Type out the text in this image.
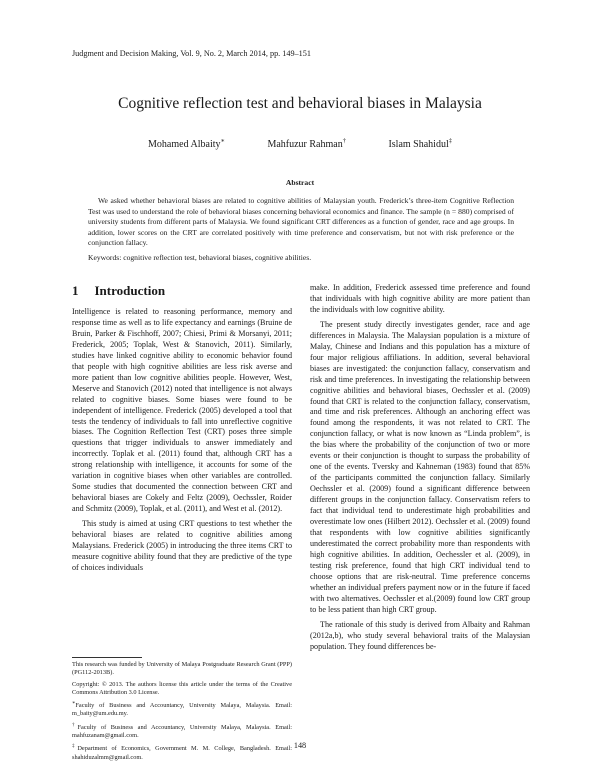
Judgment and Decision Making, Vol. 9, No. 2, March 2014, pp. 149–151
Cognitive reflection test and behavioral biases in Malaysia
Mohamed Albaity∗	Mahfuzur Rahman†	Islam Shahidul‡
Abstract
We asked whether behavioral biases are related to cognitive abilities of Malaysian youth. Frederick’s three-item Cognitive Reflection Test was used to understand the role of behavioral biases concerning behavioral economics and finance. The sample (n = 880) comprised of university students from different parts of Malaysia. We found significant CRT differences as a function of gender, race and age groups. In addition, lower scores on the CRT are correlated positively with time preference and conservatism, but not with risk preference or the conjunction fallacy.
Keywords: cognitive reflection test, behavioral biases, cognitive abilities.
1 Introduction

Intelligence is related to reasoning performance, memory and response time as well as to life expectancy and earnings (Bruine de Bruin, Parker & Fischhoff, 2007; Chiesi, Primi & Morsanyi, 2011; Frederick, 2005; Toplak, West & Stanovich, 2011). Similarly, studies have linked cognitive ability to economic behavior found that people with high cognitive abilities are less risk averse and more patient than low cognitive abilities people. However, West, Meserve and Stanovich (2012) noted that intelligence is not always related to cognitive biases. Some biases were found to be independent of intelligence. Frederick (2005) developed a tool that tests the tendency of individuals to fall into unreflective cognitive biases. The Cognition Reflection Test (CRT) poses three simple questions that trigger individuals to answer immediately and incorrectly. Toplak et al. (2011) found that, although CRT has a strong relationship with intelligence, it accounts for some of the variation in cognitive biases when other variables are controlled. Some studies that documented the connection between CRT and behavioral biases are Cokely and Feltz (2009), Oechssler, Roider and Schmitz (2009), Toplak, et al. (2011), and West et al. (2012).

This study is aimed at using CRT questions to test whether the behavioral biases are related to cognitive abilities among Malaysians. Frederick (2005) in introducing the three items CRT to measure cognitive ability found that they are predictive of the type of choices individuals

This research was funded by University of Malaya Postgraduate Research Grant (PPP) (PG112-2013B).

Copyright: © 2013. The authors license this article under the terms of the Creative Commons Attribution 3.0 License.

∗Faculty of Business and Accountancy, University Malaya, Malaysia. Email: m_baity@um.edu.my.

†Faculty of Business and Accountancy, University Malaya, Malaysia. Email: mahfuzanam@gmail.com.

‡Department of Economics, Government M. M. College, Bangladesh. Email: shahiduzalmm@gmail.com.

make. In addition, Frederick assessed time preference and found that individuals with high cognitive ability are more patient than the individuals with low cognitive ability.

The present study directly investigates gender, race and age differences in Malaysia. The Malaysian population is a mixture of Malay, Chinese and Indians and this population has a mixture of four major religious affiliations. In addition, several behavioral biases are investigated: the conjunction fallacy, conservatism and risk and time preferences. In investigating the relationship between cognitive abilities and behavioral biases, Oechssler et al. (2009) found that CRT is related to the conjunction fallacy, conservatism, and time and risk preferences. Although an anchoring effect was found among the respondents, it was not related to CRT. The conjunction fallacy, or what is now known as “Linda problem”, is the bias where the probability of the conjunction of two or more events or their conjunction is thought to surpass the probability of one of the events. Tversky and Kahneman (1983) found that 85% of the participants committed the conjunction fallacy. Similarly Oechssler et al. (2009) found a significant difference between different groups in the conjunction fallacy. Conservatism refers to fact that individual tend to underestimate high probabilities and overestimate low ones (Hilbert 2012). Oechssler et al. (2009) found that respondents with low cognitive abilities significantly underestimated the correct probability more than respondents with high cognitive abilities. In addition, Oechessler et al. (2009), in testing risk preference, found that high CRT individual tend to choose options that are risk-neutral. Time preference concerns whether an individual prefers payment now or in the future if faced with two alternatives. Oechssler et al.(2009) found low CRT group to be less patient than high CRT group.

The rationale of this study is derived from Albaity and Rahman (2012a,b), who study several behavioral traits of the Malaysian population. They found differences be-

148
